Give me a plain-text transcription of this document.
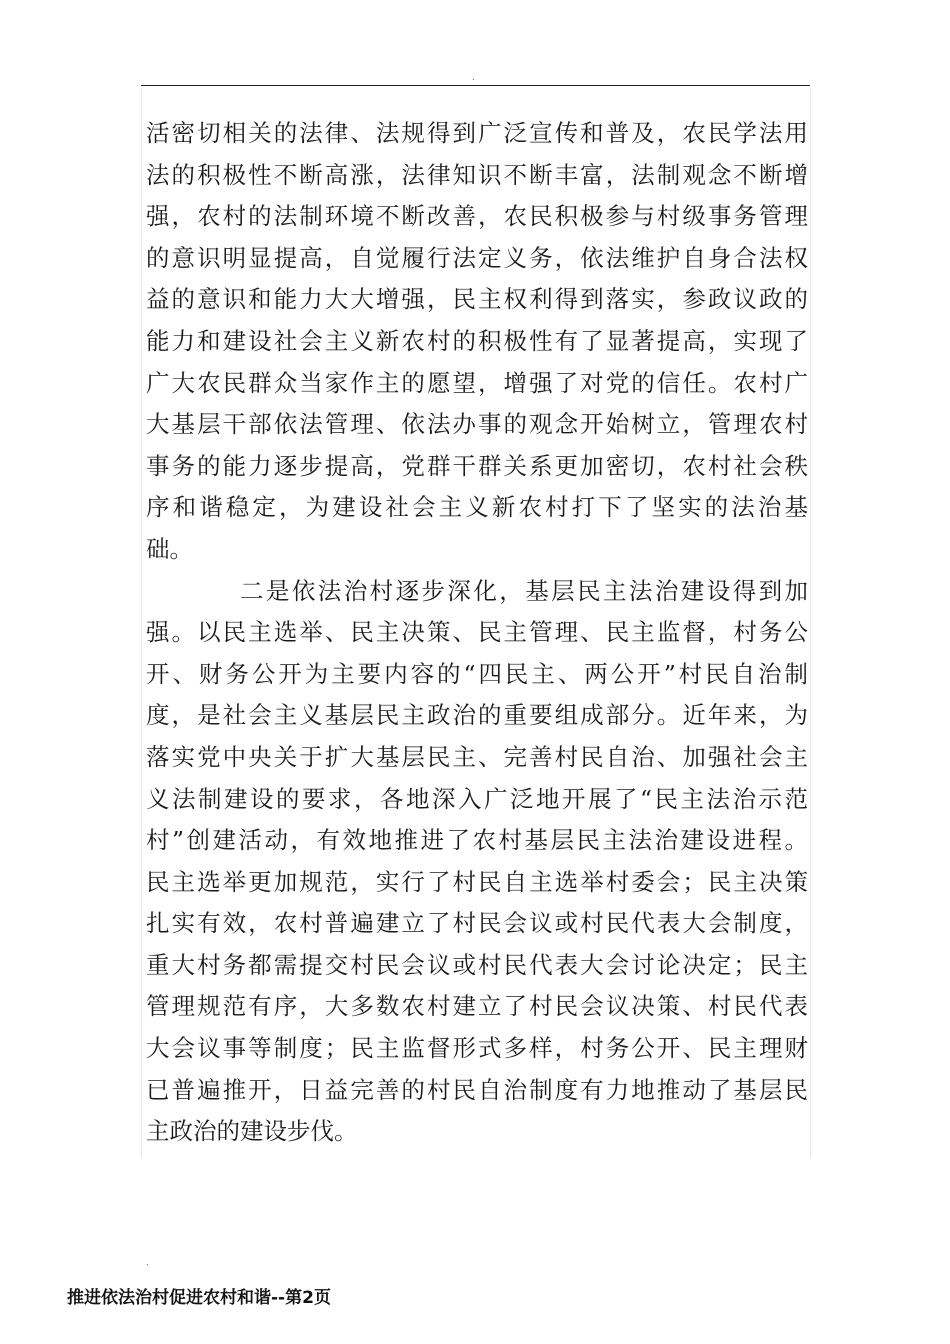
.
活密切相关的法律、法规得到广泛宣传和普及，农民学法用
法的积极性不断高涨，法律知识不断丰富，法制观念不断增
强，农村的法制环境不断改善，农民积极参与村级事务管理
的意识明显提高，自觉履行法定义务，依法维护自身合法权
益的意识和能力大大增强，民主权利得到落实，参政议政的
能力和建设社会主义新农村的积极性有了显著提高，实现了
广大农民群众当家作主的愿望，增强了对党的信任。农村广
大基层干部依法管理、依法办事的观念开始树立，管理农村
事务的能力逐步提高，党群干群关系更加密切，农村社会秩
序和谐稳定，为建设社会主义新农村打下了坚实的法治基
础。
二是依法治村逐步深化，基层民主法治建设得到加
强。以民主选举、民主决策、民主管理、民主监督，村务公
开、财务公开为主要内容的“四民主、两公开”村民自治制
度，是社会主义基层民主政治的重要组成部分。近年来，为
落实党中央关于扩大基层民主、完善村民自治、加强社会主
义法制建设的要求，各地深入广泛地开展了“民主法治示范
村”创建活动，有效地推进了农村基层民主法治建设进程。
民主选举更加规范，实行了村民自主选举村委会；民主决策
扎实有效，农村普遍建立了村民会议或村民代表大会制度，
重大村务都需提交村民会议或村民代表大会讨论决定；民主
管理规范有序，大多数农村建立了村民会议决策、村民代表
大会议事等制度；民主监督形式多样，村务公开、民主理财
已普遍推开，日益完善的村民自治制度有力地推动了基层民
主政治的建设步伐。
.
推进依法治村促进农村和谐--第2页
